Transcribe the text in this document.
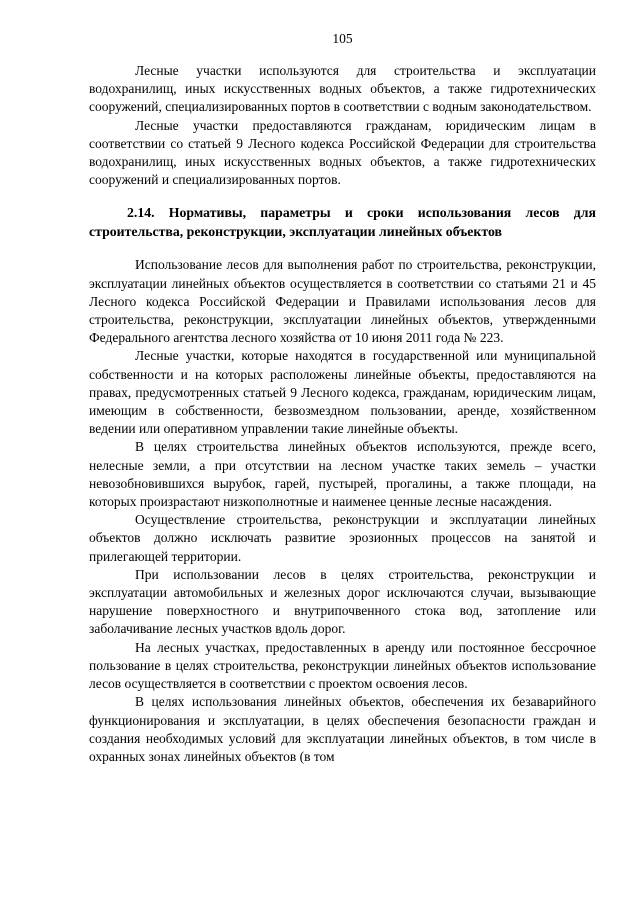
105

Лесные участки используются для строительства и эксплуатации водохранилищ, иных искусственных водных объектов, а также гидротехнических сооружений, специализированных портов в соответствии с водным законодательством.

Лесные участки предоставляются гражданам, юридическим лицам в соответствии со статьей 9 Лесного кодекса Российской Федерации для строительства водохранилищ, иных искусственных водных объектов, а также гидротехнических сооружений и специализированных портов.

2.14. Нормативы, параметры и сроки использования лесов для строительства, реконструкции, эксплуатации линейных объектов

Использование лесов для выполнения работ по строительства, реконструкции, эксплуатации линейных объектов осуществляется в соответствии со статьями 21 и 45 Лесного кодекса Российской Федерации и Правилами использования лесов для строительства, реконструкции, эксплуатации линейных объектов, утвержденными Федерального агентства лесного хозяйства от 10 июня 2011 года № 223.

Лесные участки, которые находятся в государственной или муниципальной собственности и на которых расположены линейные объекты, предоставляются на правах, предусмотренных статьей 9 Лесного кодекса, гражданам, юридическим лицам, имеющим в собственности, безвозмездном пользовании, аренде, хозяйственном ведении или оперативном управлении такие линейные объекты.

В целях строительства линейных объектов используются, прежде всего, нелесные земли, а при отсутствии на лесном участке таких земель – участки невозобновившихся вырубок, гарей, пустырей, прогалины, а также площади, на которых произрастают низкополнотные и наименее ценные лесные насаждения.

Осуществление строительства, реконструкции и эксплуатации линейных объектов должно исключать развитие эрозионных процессов на занятой и прилегающей территории.

При использовании лесов в целях строительства, реконструкции и эксплуатации автомобильных и железных дорог исключаются случаи, вызывающие нарушение поверхностного и внутрипочвенного стока вод, затопление или заболачивание лесных участков вдоль дорог.

На лесных участках, предоставленных в аренду или постоянное бессрочное пользование в целях строительства, реконструкции линейных объектов использование лесов осуществляется в соответствии с проектом освоения лесов.

В целях использования линейных объектов, обеспечения их безаварийного функционирования и эксплуатации, в целях обеспечения безопасности граждан и создания необходимых условий для эксплуатации линейных объектов, в том числе в охранных зонах линейных объектов (в том
